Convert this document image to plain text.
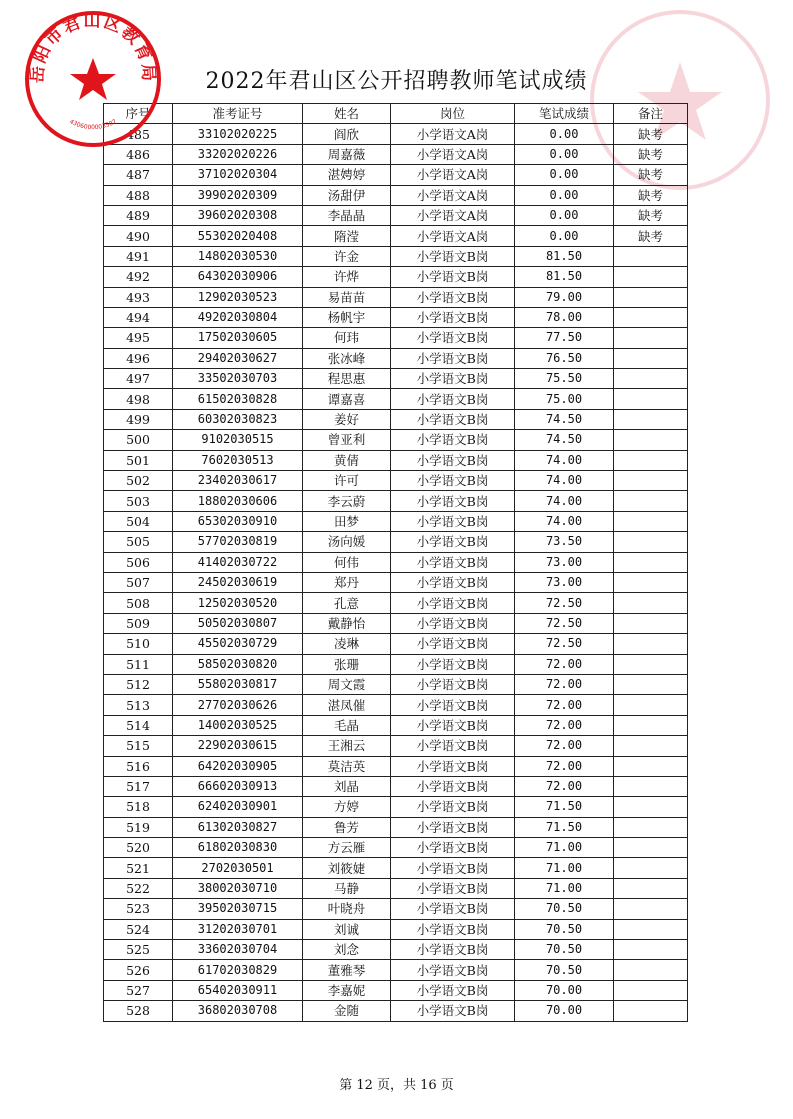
2022年君山区公开招聘教师笔试成绩
序号	准考证号	姓名	岗位	笔试成绩	备注
485	33102020225	阎欣	小学语文A岗	0.00	缺考
486	33202020226	周嘉薇	小学语文A岗	0.00	缺考
487	37102020304	湛娉婷	小学语文A岗	0.00	缺考
488	39902020309	汤甜伊	小学语文A岗	0.00	缺考
489	39602020308	李晶晶	小学语文A岗	0.00	缺考
490	55302020408	隋滢	小学语文A岗	0.00	缺考
491	14802030530	许金	小学语文B岗	81.50	
492	64302030906	许烨	小学语文B岗	81.50	
493	12902030523	易苗苗	小学语文B岗	79.00	
494	49202030804	杨帆宇	小学语文B岗	78.00	
495	17502030605	何玮	小学语文B岗	77.50	
496	29402030627	张冰峰	小学语文B岗	76.50	
497	33502030703	程思惠	小学语文B岗	75.50	
498	61502030828	谭嘉喜	小学语文B岗	75.00	
499	60302030823	姜好	小学语文B岗	74.50	
500	9102030515	曾亚利	小学语文B岗	74.50	
501	7602030513	黄倩	小学语文B岗	74.00	
502	23402030617	许可	小学语文B岗	74.00	
503	18802030606	李云蔚	小学语文B岗	74.00	
504	65302030910	田梦	小学语文B岗	74.00	
505	57702030819	汤向媛	小学语文B岗	73.50	
506	41402030722	何伟	小学语文B岗	73.00	
507	24502030619	郑丹	小学语文B岗	73.00	
508	12502030520	孔意	小学语文B岗	72.50	
509	50502030807	戴静怡	小学语文B岗	72.50	
510	45502030729	凌琳	小学语文B岗	72.50	
511	58502030820	张珊	小学语文B岗	72.00	
512	55802030817	周文霞	小学语文B岗	72.00	
513	27702030626	湛凤催	小学语文B岗	72.00	
514	14002030525	毛晶	小学语文B岗	72.00	
515	22902030615	王湘云	小学语文B岗	72.00	
516	64202030905	莫洁英	小学语文B岗	72.00	
517	66602030913	刘晶	小学语文B岗	72.00	
518	62402030901	方婷	小学语文B岗	71.50	
519	61302030827	鲁芳	小学语文B岗	71.50	
520	61802030830	方云雁	小学语文B岗	71.00	
521	2702030501	刘筱婕	小学语文B岗	71.00	
522	38002030710	马静	小学语文B岗	71.00	
523	39502030715	叶晓舟	小学语文B岗	70.50	
524	31202030701	刘诚	小学语文B岗	70.50	
525	33602030704	刘念	小学语文B岗	70.50	
526	61702030829	董雅琴	小学语文B岗	70.50	
527	65402030911	李嘉妮	小学语文B岗	70.00	
528	36802030708	金随	小学语文B岗	70.00	
岳阳市君山区教育局
4306000003507
第 12 页，共 16 页
